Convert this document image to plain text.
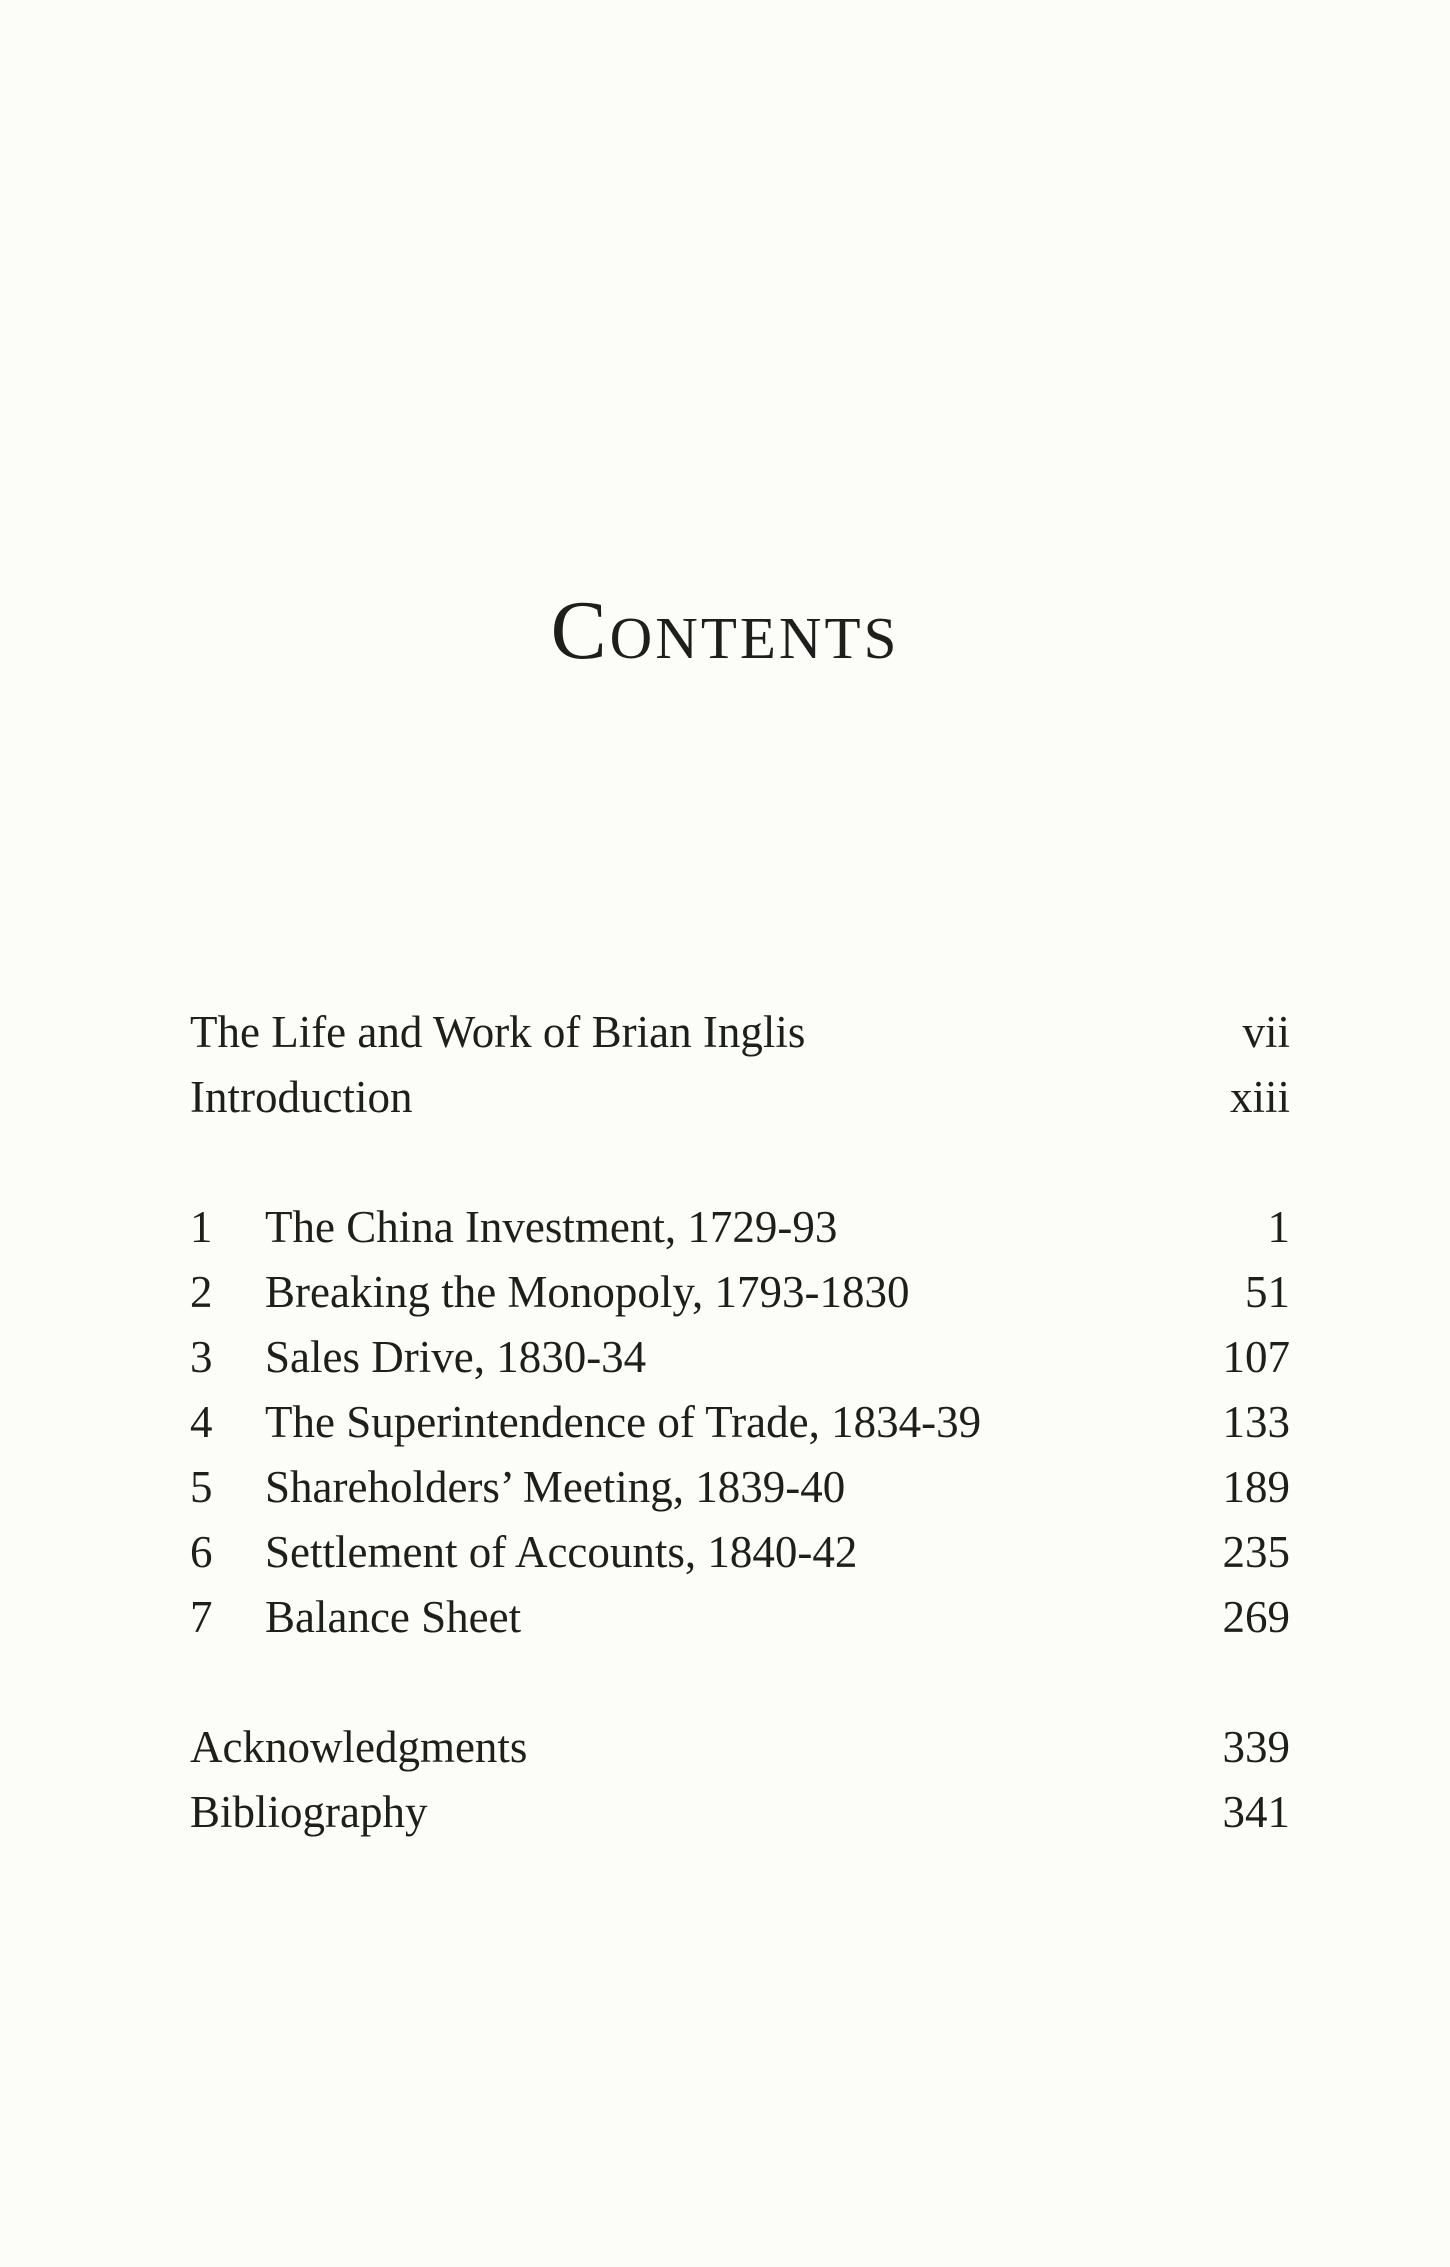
Contents
The Life and Work of Brian Inglis	vii
Introduction	xiii
1 The China Investment, 1729-93	1
2 Breaking the Monopoly, 1793-1830	51
3 Sales Drive, 1830-34	107
4 The Superintendence of Trade, 1834-39	133
5 Shareholders’ Meeting, 1839-40	189
6 Settlement of Accounts, 1840-42	235
7 Balance Sheet	269
Acknowledgments	339
Bibliography	341
